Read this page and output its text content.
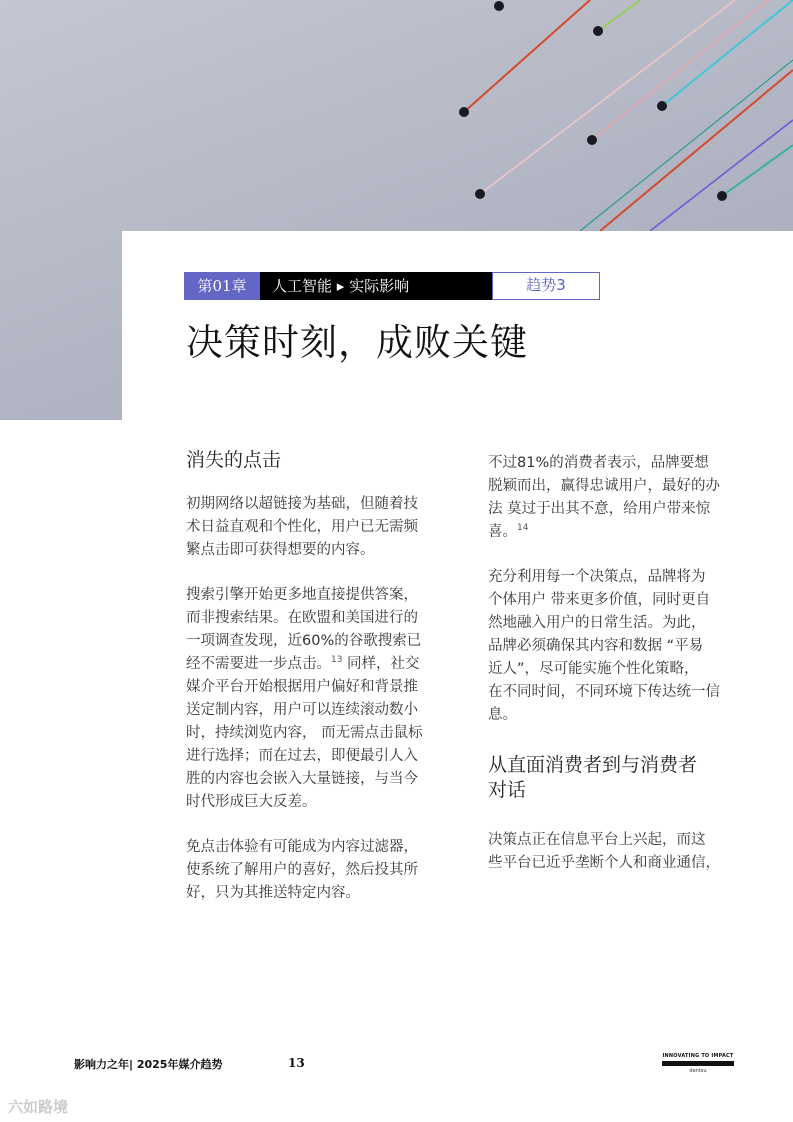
第01章	人工智能 ▸ 实际影响	趋势3
决策时刻，成败关键
消失的点击
初期网络以超链接为基础，但随着技
术日益直观和个性化，用户已无需频
繁点击即可获得想要的内容。
搜索引擎开始更多地直接提供答案，
而非搜索结果。在欧盟和美国进行的
一项调查发现，近60%的谷歌搜索已
经不需要进一步点击。$^{13}$ 同样，社交
媒介平台开始根据用户偏好和背景推
送定制内容，用户可以连续滚动数小
时，持续浏览内容， 而无需点击鼠标
进行选择；而在过去，即便最引人入
胜的内容也会嵌入大量链接，与当今
时代形成巨大反差。
免点击体验有可能成为内容过滤器，
使系统了解用户的喜好，然后投其所
好，只为其推送特定内容。
不过81%的消费者表示，品牌要想
脱颖而出，赢得忠诚用户，最好的办
法 莫过于出其不意，给用户带来惊
喜。$^{14}$
充分利用每一个决策点，品牌将为
个体用户 带来更多价值，同时更自
然地融入用户的日常生活。为此，
品牌必须确保其内容和数据 “平易
近人”，尽可能实施个性化策略，
在不同时间，不同环境下传达统一信
息。
从直面消费者到与消费者
对话
决策点正在信息平台上兴起，而这
些平台已近乎垄断个人和商业通信，
影响力之年| 2025年媒介趋势	13	INNOVATING TO IMPACT
dentsu
六如路境
